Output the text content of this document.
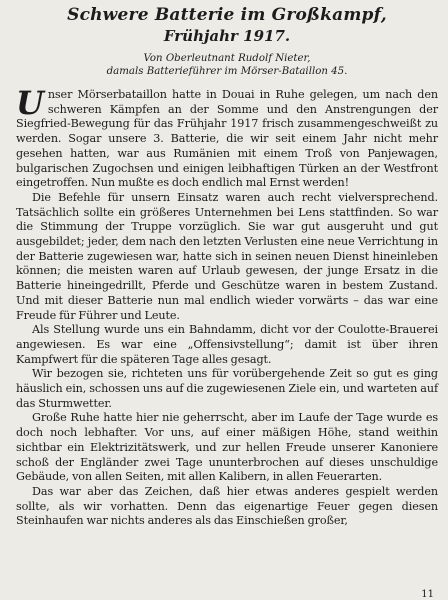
Schwere Batterie im Großkampf,
Frühjahr 1917.

Von Oberleutnant Rudolf Nieter,

damals Batterieführer im Mörser-Bataillon 45.

Unser Mörserbataillon hatte in Douai in Ruhe gelegen, um nach den schweren Kämpfen an der Somme und den Anstrengungen der Siegfried-Bewegung für das Frühjahr 1917 frisch zusammengeschweißt zu werden. Sogar unsere 3. Batterie, die wir seit einem Jahr nicht mehr gesehen hatten, war aus Rumänien mit einem Troß von Panjewagen, bulgarischen Zugochsen und einigen leibhaftigen Türken an der Westfront eingetroffen. Nun mußte es doch endlich mal Ernst werden!

Die Befehle für unsern Einsatz waren auch recht vielversprechend. Tatsächlich sollte ein größeres Unternehmen bei Lens stattfinden. So war die Stimmung der Truppe vorzüglich. Sie war gut ausgeruht und gut ausgebildet; jeder, dem nach den letzten Verlusten eine neue Verrichtung in der Batterie zugewiesen war, hatte sich in seinen neuen Dienst hineinleben können; die meisten waren auf Urlaub gewesen, der junge Ersatz in die Batterie hineingedrillt, Pferde und Geschütze waren in bestem Zustand. Und mit dieser Batterie nun mal endlich wieder vorwärts – das war eine Freude für Führer und Leute.

Als Stellung wurde uns ein Bahndamm, dicht vor der Coulotte-Brauerei angewiesen. Es war eine „Offensivstellung“; damit ist über ihren Kampfwert für die späteren Tage alles gesagt.

Wir bezogen sie, richteten uns für vorübergehende Zeit so gut es ging häuslich ein, schossen uns auf die zugewiesenen Ziele ein, und warteten auf das Sturmwetter.

Große Ruhe hatte hier nie geherrscht, aber im Laufe der Tage wurde es doch noch lebhafter. Vor uns, auf einer mäßigen Höhe, stand weithin sichtbar ein Elektrizitätswerk, und zur hellen Freude unserer Kanoniere schoß der Engländer zwei Tage ununterbrochen auf dieses unschuldige Gebäude, von allen Seiten, mit allen Kalibern, in allen Feuerarten.

Das war aber das Zeichen, daß hier etwas anderes gespielt werden sollte, als wir vorhatten. Denn das eigenartige Feuer gegen diesen Steinhaufen war nichts anderes als das Einschießen großer,

11
